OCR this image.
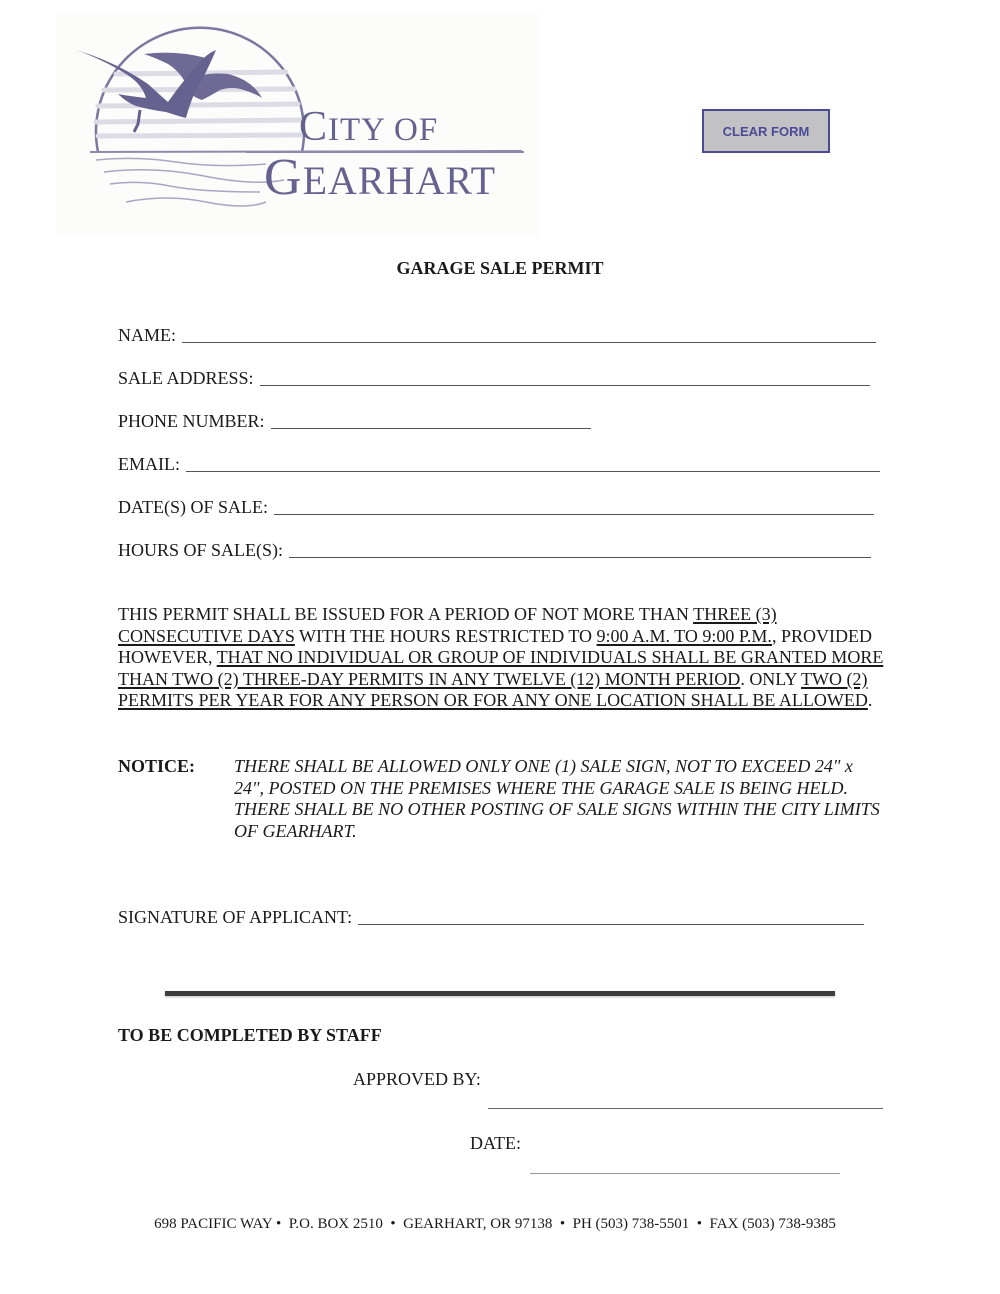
CITY OF
GEARHART
CLEAR FORM
GARAGE SALE PERMIT
NAME:
SALE ADDRESS:
PHONE NUMBER:
EMAIL:
DATE(S) OF SALE:
HOURS OF SALE(S):
THIS PERMIT SHALL BE ISSUED FOR A PERIOD OF NOT MORE THAN THREE (3) CONSECUTIVE DAYS WITH THE HOURS RESTRICTED TO 9:00 A.M. TO 9:00 P.M., PROVIDED HOWEVER, THAT NO INDIVIDUAL OR GROUP OF INDIVIDUALS SHALL BE GRANTED MORE THAN TWO (2) THREE-DAY PERMITS IN ANY TWELVE (12) MONTH PERIOD. ONLY TWO (2) PERMITS PER YEAR FOR ANY PERSON OR FOR ANY ONE LOCATION SHALL BE ALLOWED.
NOTICE: THERE SHALL BE ALLOWED ONLY ONE (1) SALE SIGN, NOT TO EXCEED 24" x 24", POSTED ON THE PREMISES WHERE THE GARAGE SALE IS BEING HELD. THERE SHALL BE NO OTHER POSTING OF SALE SIGNS WITHIN THE CITY LIMITS OF GEARHART.
SIGNATURE OF APPLICANT:
TO BE COMPLETED BY STAFF
APPROVED BY:
DATE:
698 PACIFIC WAY •  P.O. BOX 2510  •  GEARHART, OR 97138  •  PH (503) 738-5501  •  FAX (503) 738-9385
